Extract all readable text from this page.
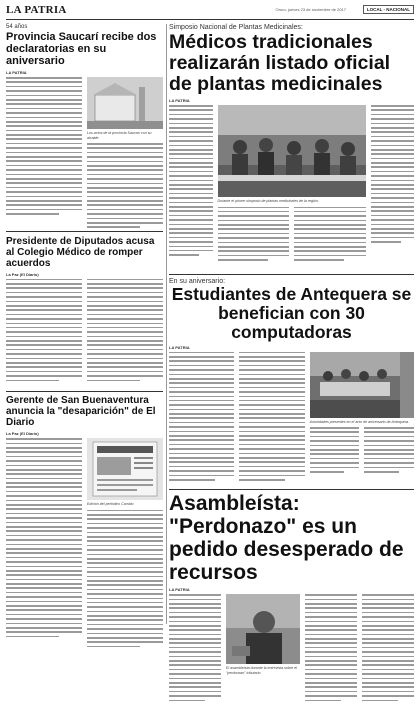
LA PATRIA	Oruro, jueves 23 de noviembre de 2017	LOCAL - NACIONAL
54 años
Provincia Saucarí recibe dos declaratorias en su aniversario
LA PATRIA
Los actos de la provincia Saucarí con su alcalde.
Presidente de Diputados acusa al Colegio Médico de romper acuerdos
La Paz (El Diario)
Gerente de San Buenaventura anuncia la "desaparición" de El Diario
La Paz (El Diario)
Edición del periódico Cambio
Simposio Nacional de Plantas Medicinales:
Médicos tradicionales realizarán listado oficial de plantas medicinales
LA PATRIA
Durante el primer simposio de plantas medicinales de la región.
En su aniversario:
Estudiantes de Antequera se benefician con 30 computadoras
LA PATRIA
Autoridades presentes en el acto de aniversario de Antequera.
Asambleísta: "Perdonazo" es un pedido desesperado de recursos
LA PATRIA
El asambleísta durante la entrevista sobre el "perdonazo" tributario.
